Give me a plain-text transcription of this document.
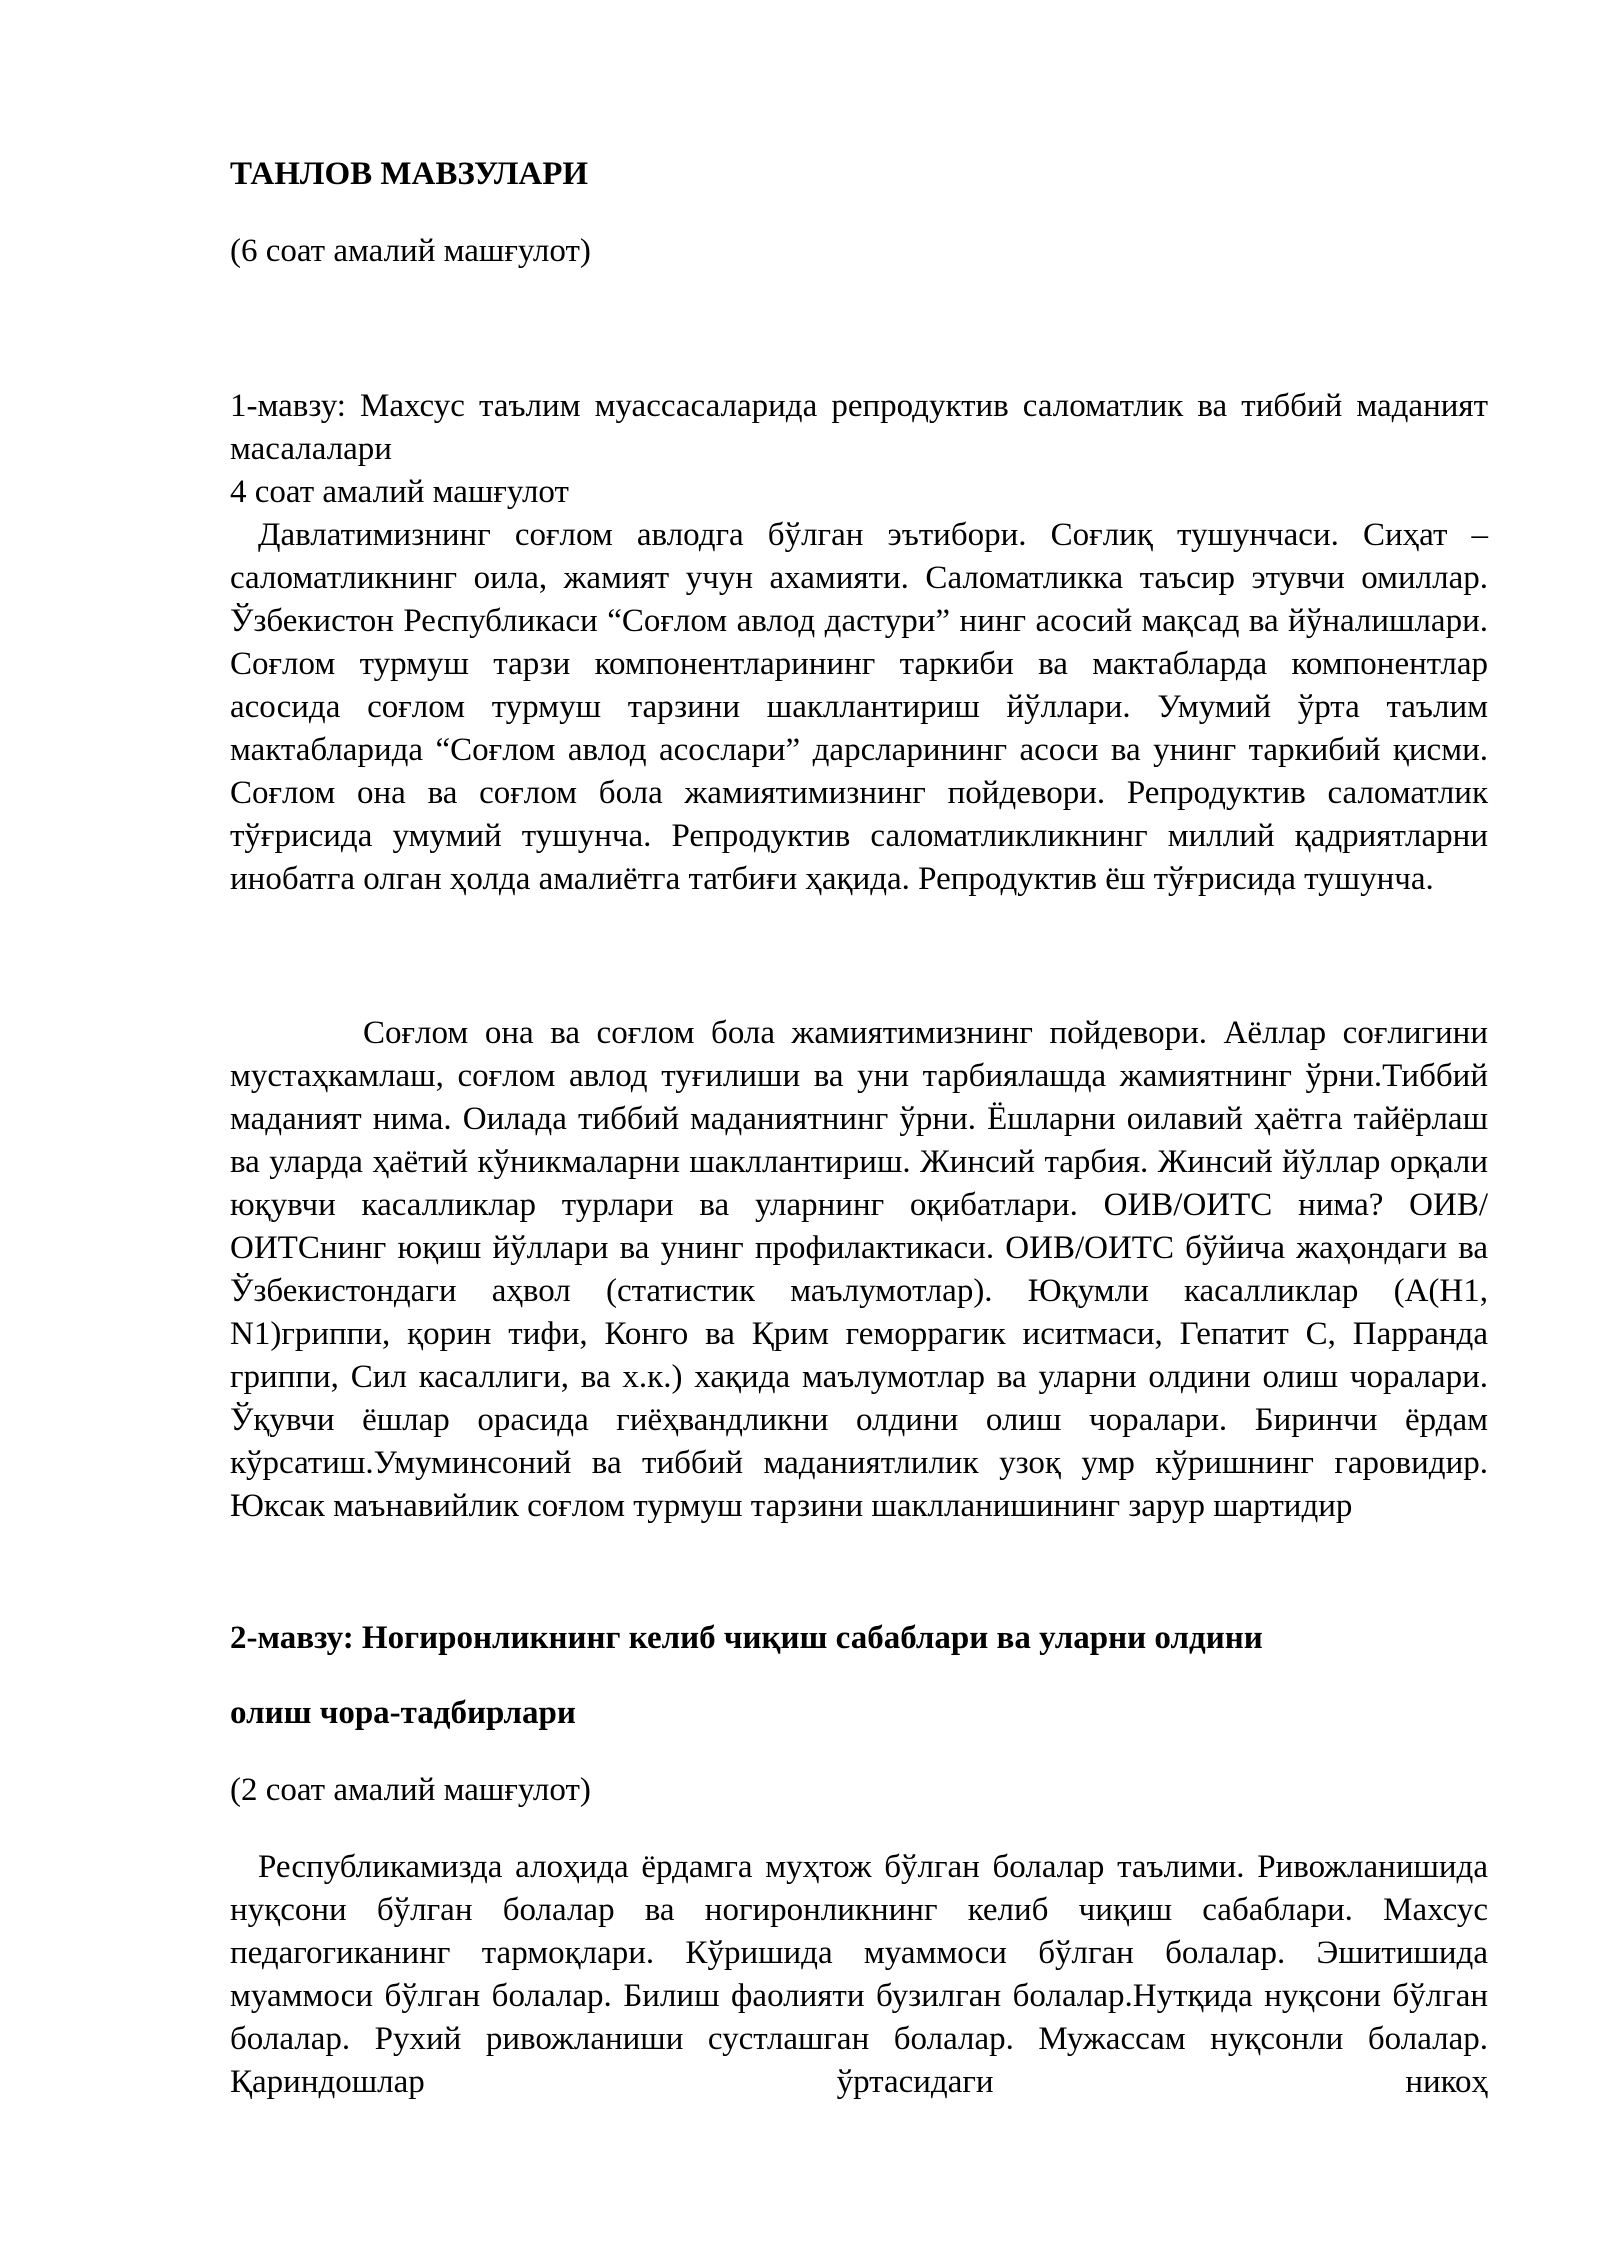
ТАНЛОВ МАВЗУЛАРИ

(6 соат амалий машғулот)

1-мавзу: Махсус таълим муассасаларида репродуктив саломатлик ва тиббий маданият масалалари

4 соат амалий машғулот

Давлатимизнинг соғлом авлодга бўлган эътибори. Соғлиқ тушунчаси. Сиҳат –саломатликнинг оила, жамият учун ахамияти. Саломатликка таъсир этувчи омиллар. Ўзбекистон Республикаси “Соғлом авлод дастури” нинг асосий мақсад ва йўналишлари. Соғлом турмуш тарзи компонентларининг таркиби ва мактабларда компонентлар асосида соғлом турмуш тарзини шакллантириш йўллари. Умумий ўрта таълим мактабларида “Соғлом авлод асослари” дарсларининг асоси ва унинг таркибий қисми. Соғлом она ва соғлом бола жамиятимизнинг пойдевори. Репродуктив саломатлик тўғрисида умумий тушунча. Репродуктив саломатликликнинг миллий қадриятларни инобатга олган ҳолда амалиётга татбиғи ҳақида. Репродуктив ёш тўғрисида тушунча.

Соғлом она ва соғлом бола жамиятимизнинг пойдевори. Аёллар соғлигини мустаҳкамлаш, соғлом авлод туғилиши ва уни тарбиялашда жамиятнинг ўрни.Тиббий маданият нима. Оилада тиббий маданиятнинг ўрни. Ёшларни оилавий ҳаётга тайёрлаш ва уларда ҳаётий кўникмаларни шакллантириш. Жинсий тарбия. Жинсий йўллар орқали юқувчи касалликлар турлари ва уларнинг оқибатлари. ОИВ/ОИТС нима? ОИВ/ОИТСнинг юқиш йўллари ва унинг профилактикаси. ОИВ/ОИТС бўйича жаҳондаги ва Ўзбекистондаги аҳвол (статистик маълумотлар). Юқумли касалликлар (А(Н1, N1)гриппи, қорин тифи, Конго ва Қрим геморрагик иситмаси, Гепатит С, Парранда гриппи, Сил касаллиги, ва х.к.) хақида маълумотлар ва уларни олдини олиш чоралари. Ўқувчи ёшлар орасида гиёҳвандликни олдини олиш чоралари. Биринчи ёрдам кўрсатиш.Умуминсоний ва тиббий маданиятлилик узоқ умр кўришнинг гаровидир. Юксак маънавийлик соғлом турмуш тарзини шаклланишининг зарур шартидир

2-мавзу: Ногиронликнинг келиб чиқиш сабаблари ва уларни олдини

олиш чора-тадбирлари

(2 соат амалий машғулот)

Республикамизда алоҳида ёрдамга муҳтож бўлган болалар таълими. Ривожланишида нуқсони бўлган болалар ва ногиронликнинг келиб чиқиш сабаблари. Махсус педагогиканинг тармоқлари. Кўришида муаммоси бўлган болалар. Эшитишида муаммоси бўлган болалар. Билиш фаолияти бузилган болалар.Нутқида нуқсони бўлган болалар. Рухий ривожланиши сустлашган болалар. Мужассам нуқсонли болалар. Қариндошлар ўртасидаги никоҳ
